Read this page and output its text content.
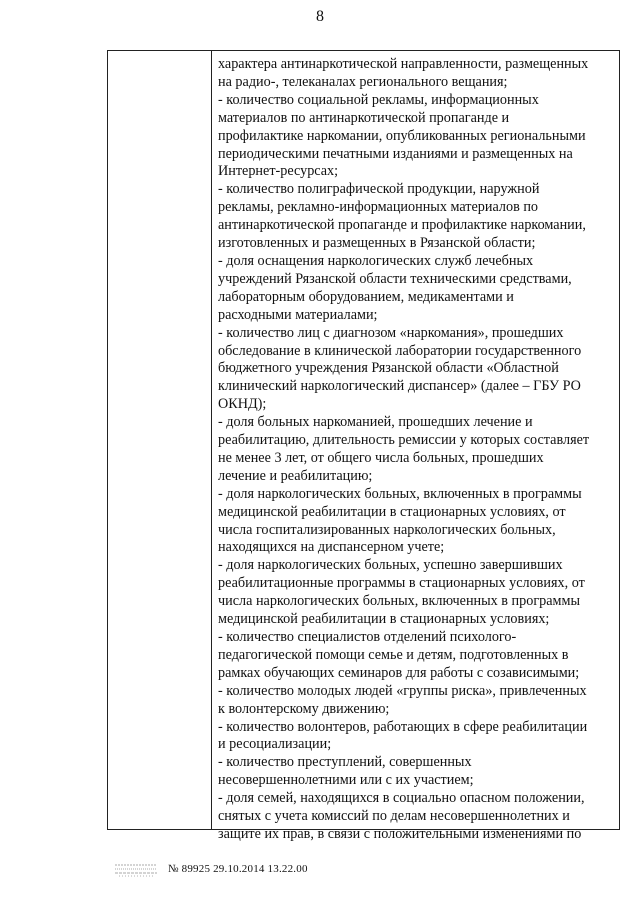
8
характера антинаркотической направленности, размещенных
на радио-, телеканалах регионального вещания;
- количество социальной рекламы, информационных
материалов по антинаркотической пропаганде и
профилактике наркомании, опубликованных региональными
периодическими печатными изданиями и размещенных на
Интернет-ресурсах;
- количество полиграфической продукции, наружной
рекламы, рекламно-информационных материалов по
антинаркотической пропаганде и профилактике наркомании,
изготовленных и размещенных в Рязанской области;
- доля оснащения наркологических служб лечебных
учреждений Рязанской области техническими средствами,
лабораторным оборудованием, медикаментами и
расходными материалами;
- количество лиц с диагнозом «наркомания», прошедших
обследование в клинической лаборатории государственного
бюджетного учреждения Рязанской области «Областной
клинический наркологический диспансер» (далее – ГБУ РО
ОКНД);
- доля больных наркоманией, прошедших лечение и
реабилитацию, длительность ремиссии у которых составляет
не менее 3 лет, от общего числа больных, прошедших
лечение и реабилитацию;
- доля наркологических больных, включенных в программы
медицинской реабилитации в стационарных условиях, от
числа госпитализированных наркологических больных,
находящихся на диспансерном учете;
- доля наркологических больных, успешно завершивших
реабилитационные программы в стационарных условиях, от
числа наркологических больных, включенных в программы
медицинской реабилитации в стационарных условиях;
- количество специалистов отделений психолого-
педагогической помощи семье и детям, подготовленных в
рамках обучающих семинаров для работы с созависимыми;
- количество молодых людей «группы риска», привлеченных
к волонтерскому движению;
- количество волонтеров, работающих в сфере реабилитации
и ресоциализации;
- количество преступлений, совершенных
несовершеннолетними или с их участием;
- доля семей, находящихся в социально опасном положении,
снятых с учета комиссий по делам несовершеннолетних и
защите их прав, в связи с положительными изменениями по
№ 89925 29.10.2014 13.22.00
